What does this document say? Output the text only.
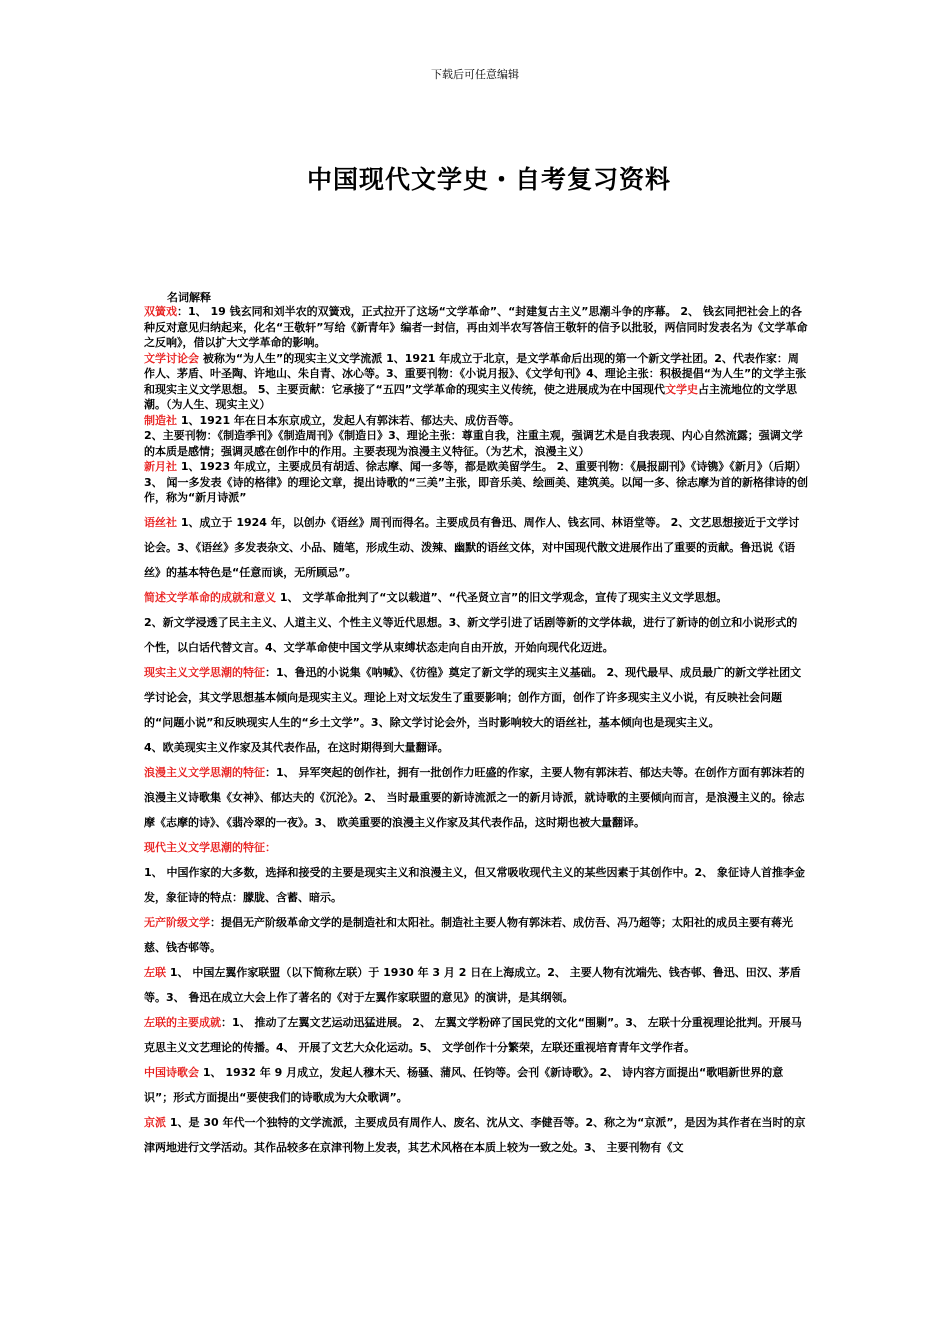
下载后可任意编辑
中国现代文学史・自考复习资料
名词解释

双簧戏：1、 19 钱玄同和刘半农的双簧戏，正式拉开了这场“文学革命”、“封建复古主义”思潮斗争的序幕。 2、 钱玄同把社会上的各种反对意见归纳起来，化名“王敬轩”写给《新青年》编者一封信，再由刘半农写答信王敬轩的信予以批驳，两信同时发表名为《文学革命之反响》，借以扩大文学革命的影响。

文学讨论会 被称为“为人生”的现实主义文学流派 1、1921 年成立于北京，是文学革命后出现的第一个新文学社团。2、代表作家：周作人、茅盾、叶圣陶、许地山、朱自青、冰心等。3、重要刊物：《小说月报》、《文学旬刊》4、理论主张：积极提倡“为人生”的文学主张和现实主义文学思想。 5、主要贡献：它承接了“五四”文学革命的现实主义传统，使之进展成为在中国现代文学史占主流地位的文学思潮。（为人生、现实主义）

制造社 1、1921 年在日本东京成立，发起人有郭沫若、郁达夫、成仿吾等。

2、主要刊物：《制造季刊》《制造周刊》《制造日》3、理论主张：尊重自我，注重主观，强调艺术是自我表现、内心自然流露；强调文学的本质是感情；强调灵感在创作中的作用。主要表现为浪漫主义特征。（为艺术，浪漫主义）

新月社 1、1923 年成立，主要成员有胡适、徐志摩、闻一多等，都是欧美留学生。 2、重要刊物：《晨报副刊》《诗镌》《新月》（后期）3、 闻一多发表《诗的格律》的理论文章，提出诗歌的“三美”主张，即音乐美、绘画美、建筑美。以闻一多、徐志摩为首的新格律诗的创作，称为“新月诗派”

语丝社 1、成立于 1924 年，以创办《语丝》周刊而得名。主要成员有鲁迅、周作人、钱玄同、林语堂等。 2、文艺思想接近于文学讨论会。3、《语丝》多发表杂文、小品、随笔，形成生动、泼辣、幽默的语丝文体，对中国现代散文进展作出了重要的贡献。鲁迅说《语丝》的基本特色是“任意而谈，无所顾忌”。

简述文学革命的成就和意义 1、 文学革命批判了“文以载道”、“代圣贤立言”的旧文学观念，宣传了现实主义文学思想。

2、新文学浸透了民主主义、人道主义、个性主义等近代思想。3、新文学引进了话剧等新的文学体裁，进行了新诗的创立和小说形式的个性，以白话代替文言。4、文学革命使中国文学从束缚状态走向自由开放，开始向现代化迈进。

现实主义文学思潮的特征：1、鲁迅的小说集《呐喊》、《彷徨》奠定了新文学的现实主义基础。 2、现代最早、成员最广的新文学社团文学讨论会，其文学思想基本倾向是现实主义。理论上对文坛发生了重要影响；创作方面，创作了许多现实主义小说，有反映社会问题的“问题小说”和反映现实人生的“乡土文学”。3、除文学讨论会外，当时影响较大的语丝社，基本倾向也是现实主义。

4、欧美现实主义作家及其代表作品，在这时期得到大量翻译。

浪漫主义文学思潮的特征：1、 异军突起的创作社，拥有一批创作力旺盛的作家，主要人物有郭沫若、郁达夫等。在创作方面有郭沫若的浪漫主义诗歌集《女神》、郁达夫的《沉沦》。2、 当时最重要的新诗流派之一的新月诗派，就诗歌的主要倾向而言，是浪漫主义的。徐志摩《志摩的诗》、《翡冷翠的一夜》。3、 欧美重要的浪漫主义作家及其代表作品，这时期也被大量翻译。

现代主义文学思潮的特征：

1、 中国作家的大多数，选择和接受的主要是现实主义和浪漫主义，但又常吸收现代主义的某些因素于其创作中。2、 象征诗人首推李金发，象征诗的特点：朦胧、含蓄、暗示。

无产阶级文学：提倡无产阶级革命文学的是制造社和太阳社。制造社主要人物有郭沫若、成仿吾、冯乃超等；太阳社的成员主要有蒋光慈、钱杏邨等。

左联 1、 中国左翼作家联盟（以下简称左联）于 1930 年 3 月 2 日在上海成立。2、 主要人物有沈端先、钱杏邨、鲁迅、田汉、茅盾等。3、 鲁迅在成立大会上作了著名的《对于左翼作家联盟的意见》的演讲，是其纲领。

左联的主要成就：1、 推动了左翼文艺运动迅猛进展。 2、 左翼文学粉碎了国民党的文化“围剿”。3、 左联十分重视理论批判。开展马克思主义文艺理论的传播。4、 开展了文艺大众化运动。5、 文学创作十分繁荣，左联还重视培育青年文学作者。

中国诗歌会 1、 1932 年 9 月成立，发起人穆木天、杨骚、蒲风、任钧等。会刊《新诗歌》。2、 诗内容方面提出“歌唱新世界的意识”；形式方面提出“要使我们的诗歌成为大众歌调”。

京派 1、是 30 年代一个独特的文学流派，主要成员有周作人、废名、沈从文、李健吾等。2、称之为“京派”，是因为其作者在当时的京津两地进行文学活动。其作品较多在京津刊物上发表，其艺术风格在本质上较为一致之处。3、 主要刊物有《文
